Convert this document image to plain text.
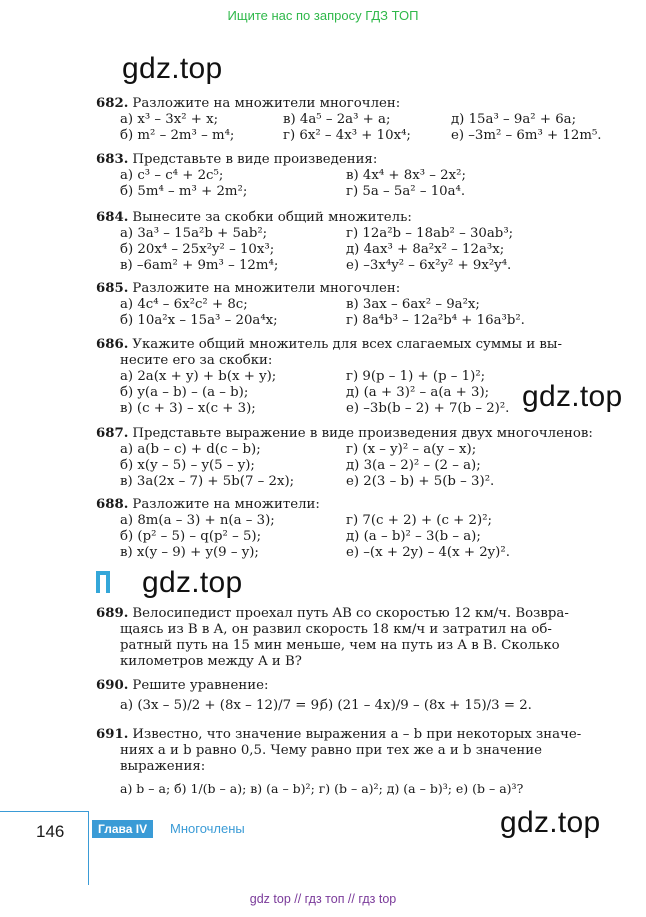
Ищите нас по запросу ГДЗ ТОП
gdz.top
gdz.top
gdz.top
gdz.top
682. Разложите на множители многочлен:
а) x³ – 3x² + x;	в) 4a⁵ – 2a³ + a;	д) 15a³ – 9a² + 6a;
б) m² – 2m³ – m⁴;	г) 6x² – 4x³ + 10x⁴;	е) –3m² – 6m³ + 12m⁵.
683. Представьте в виде произведения:
а) c³ – c⁴ + 2c⁵;	в) 4x⁴ + 8x³ – 2x²;
б) 5m⁴ – m³ + 2m²;	г) 5a – 5a² – 10a⁴.
684. Вынесите за скобки общий множитель:
а) 3a³ – 15a²b + 5ab²;	г) 12a²b – 18ab² – 30ab³;
б) 20x⁴ – 25x²y² – 10x³;	д) 4ax³ + 8a²x² – 12a³x;
в) –6am² + 9m³ – 12m⁴;	е) –3x⁴y² – 6x²y² + 9x²y⁴.
685. Разложите на множители многочлен:
а) 4c⁴ – 6x²c² + 8c;	в) 3ax – 6ax² – 9a²x;
б) 10a²x – 15a³ – 20a⁴x;	г) 8a⁴b³ – 12a²b⁴ + 16a³b².
686. Укажите общий множитель для всех слагаемых суммы и вы-
несите его за скобки:
а) 2a(x + y) + b(x + y);	г) 9(p – 1) + (p – 1)²;
б) y(a – b) – (a – b);	д) (a + 3)² – a(a + 3);
в) (c + 3) – x(c + 3);	е) –3b(b – 2) + 7(b – 2)².
687. Представьте выражение в виде произведения двух многочленов:
а) a(b – c) + d(c – b);	г) (x – y)² – a(y – x);
б) x(y – 5) – y(5 – y);	д) 3(a – 2)² – (2 – a);
в) 3a(2x – 7) + 5b(7 – 2x);	е) 2(3 – b) + 5(b – 3)².
688. Разложите на множители:
а) 8m(a – 3) + n(a – 3);	г) 7(c + 2) + (c + 2)²;
б) (p² – 5) – q(p² – 5);	д) (a – b)² – 3(b – a);
в) x(y – 9) + y(9 – y);	е) –(x + 2y) – 4(x + 2y)².
689. Велосипедист проехал путь AB со скоростью 12 км/ч. Возвра-
щаясь из B в A, он развил скорость 18 км/ч и затратил на об-
ратный путь на 15 мин меньше, чем на путь из A в B. Сколько
километров между A и B?
690. Решите уравнение:
а) (3x – 5)/2 + (8x – 12)/7 = 9;
б) (21 – 4x)/9 – (8x + 15)/3 = 2.
691. Известно, что значение выражения a – b при некоторых значе-
ниях a и b равно 0,5. Чему равно при тех же a и b значение
выражения:
а) b – a; б) 1/(b – a); в) (a – b)²; г) (b – a)²; д) (a – b)³; е) (b – a)³?
146	Глава IV	Многочлены
gdz top // гдз топ // гдз top
